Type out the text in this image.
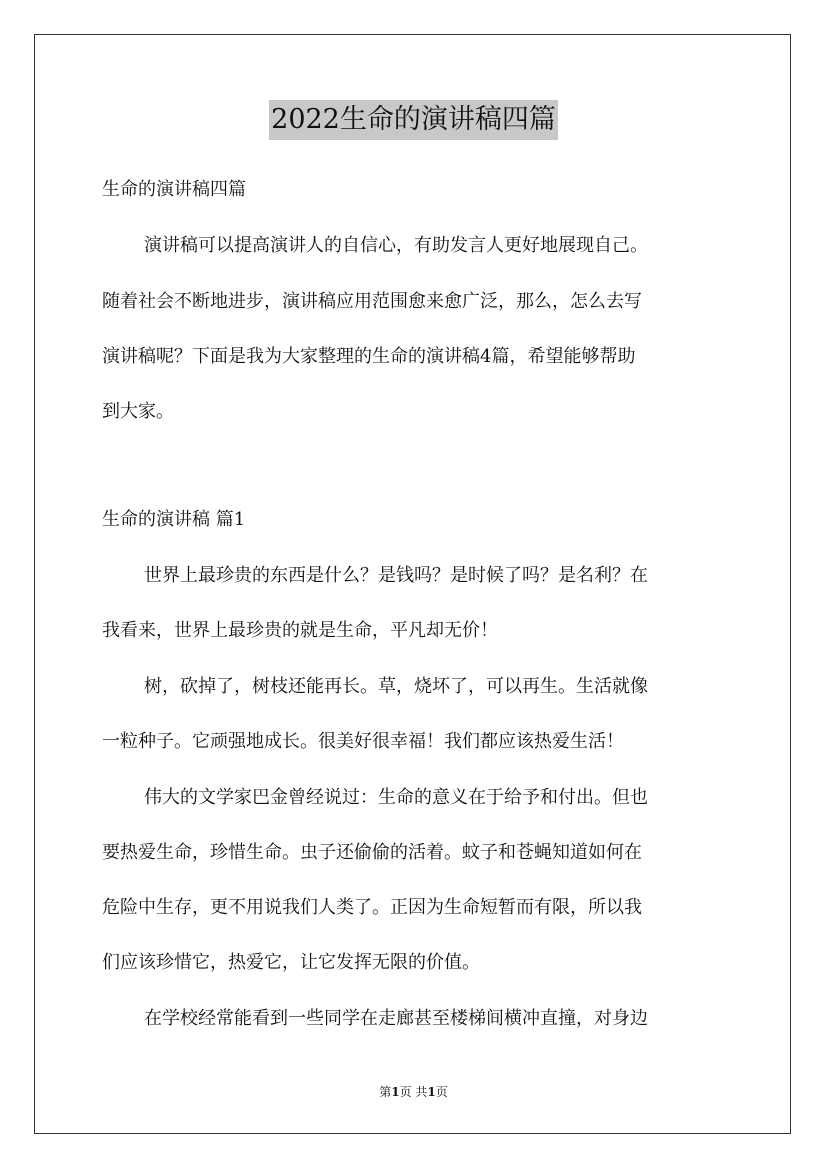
2022生命的演讲稿四篇
生命的演讲稿四篇
演讲稿可以提高演讲人的自信心，有助发言人更好地展现自己。
随着社会不断地进步，演讲稿应用范围愈来愈广泛，那么，怎么去写
演讲稿呢？下面是我为大家整理的生命的演讲稿4篇，希望能够帮助
到大家。
生命的演讲稿 篇1
世界上最珍贵的东西是什么？是钱吗？是时候了吗？是名利？在
我看来，世界上最珍贵的就是生命，平凡却无价！
树，砍掉了，树枝还能再长。草，烧坏了，可以再生。生活就像
一粒种子。它顽强地成长。很美好很幸福！我们都应该热爱生活！
伟大的文学家巴金曾经说过：生命的意义在于给予和付出。但也
要热爱生命，珍惜生命。虫子还偷偷的活着。蚊子和苍蝇知道如何在
危险中生存，更不用说我们人类了。正因为生命短暂而有限，所以我
们应该珍惜它，热爱它，让它发挥无限的价值。
在学校经常能看到一些同学在走廊甚至楼梯间横冲直撞，对身边
第1页 共1页
